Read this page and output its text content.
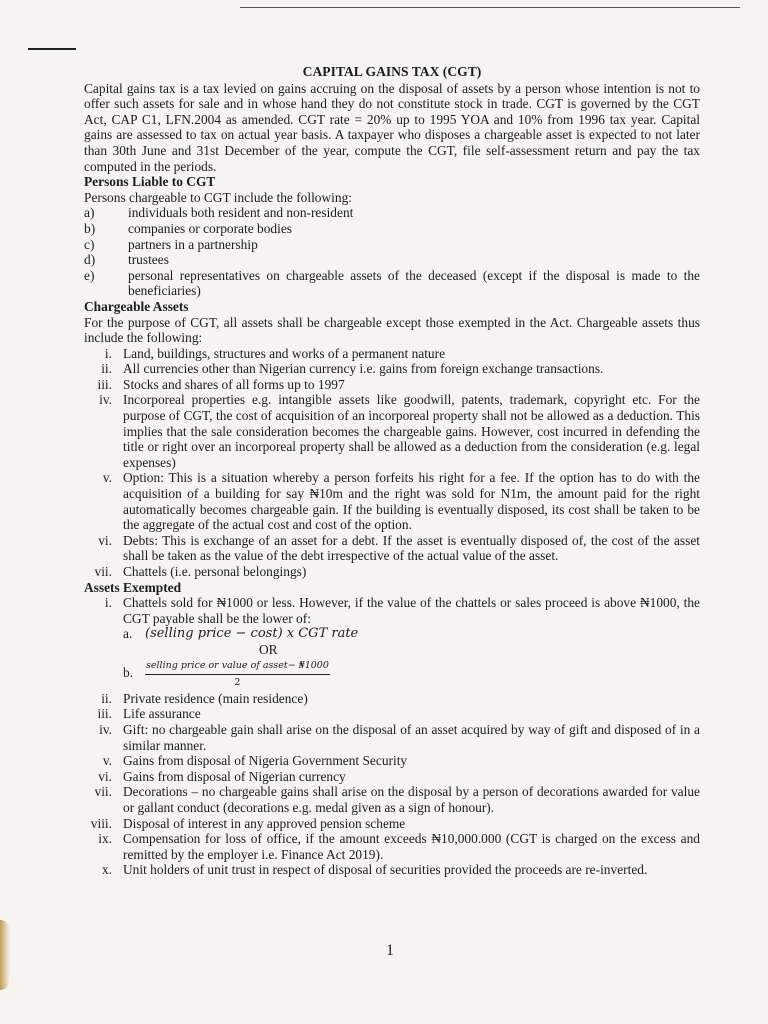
CAPITAL GAINS TAX (CGT)

Capital gains tax is a tax levied on gains accruing on the disposal of assets by a person whose intention is not to offer such assets for sale and in whose hand they do not constitute stock in trade. CGT is governed by the CGT Act, CAP C1, LFN.2004 as amended. CGT rate = 20% up to 1995 YOA and 10% from 1996 tax year. Capital gains are assessed to tax on actual year basis. A taxpayer who disposes a chargeable asset is expected to not later than 30th June and 31st December of the year, compute the CGT, file self-assessment return and pay the tax computed in the periods.

Persons Liable to CGT

Persons chargeable to CGT include the following:

a)	individuals both resident and non-resident
b)	companies or corporate bodies
c)	partners in a partnership
d)	trustees
e)	personal representatives on chargeable assets of the deceased (except if the disposal is made to the beneficiaries)
Chargeable Assets

For the purpose of CGT, all assets shall be chargeable except those exempted in the Act. Chargeable assets thus include the following:

i. Land, buildings, structures and works of a permanent nature
ii. All currencies other than Nigerian currency i.e. gains from foreign exchange transactions.
iii. Stocks and shares of all forms up to 1997
iv. Incorporeal properties e.g. intangible assets like goodwill, patents, trademark, copyright etc. For the purpose of CGT, the cost of acquisition of an incorporeal property shall not be allowed as a deduction. This implies that the sale consideration becomes the chargeable gains. However, cost incurred in defending the title or right over an incorporeal property shall be allowed as a deduction from the consideration (e.g. legal expenses)
v. Option: This is a situation whereby a person forfeits his right for a fee. If the option has to do with the acquisition of a building for say ₦10m and the right was sold for N1m, the amount paid for the right automatically becomes chargeable gain. If the building is eventually disposed, its cost shall be taken to be the aggregate of the actual cost and cost of the option.
vi. Debts: This is exchange of an asset for a debt. If the asset is eventually disposed of, the cost of the asset shall be taken as the value of the debt irrespective of the actual value of the asset.
vii. Chattels (i.e. personal belongings)
Assets Exempted
i. Chattels sold for ₦1000 or less. However, if the value of the chattels or sales proceed is above ₦1000, the CGT payable shall be the lower of:
a. (selling price − cost) x CGT rate
OR
b.	$\frac{\text{selling price or value of asset− ₦1000}}{2}$
ii. Private residence (main residence)
iii. Life assurance
iv. Gift: no chargeable gain shall arise on the disposal of an asset acquired by way of gift and disposed of in a similar manner.
v. Gains from disposal of Nigeria Government Security
vi. Gains from disposal of Nigerian currency
vii. Decorations – no chargeable gains shall arise on the disposal by a person of decorations awarded for value or gallant conduct (decorations e.g. medal given as a sign of honour).
viii. Disposal of interest in any approved pension scheme
ix. Compensation for loss of office, if the amount exceeds ₦10,000.000 (CGT is charged on the excess and remitted by the employer i.e. Finance Act 2019).
x. Unit holders of unit trust in respect of disposal of securities provided the proceeds are re-inverted.
1
